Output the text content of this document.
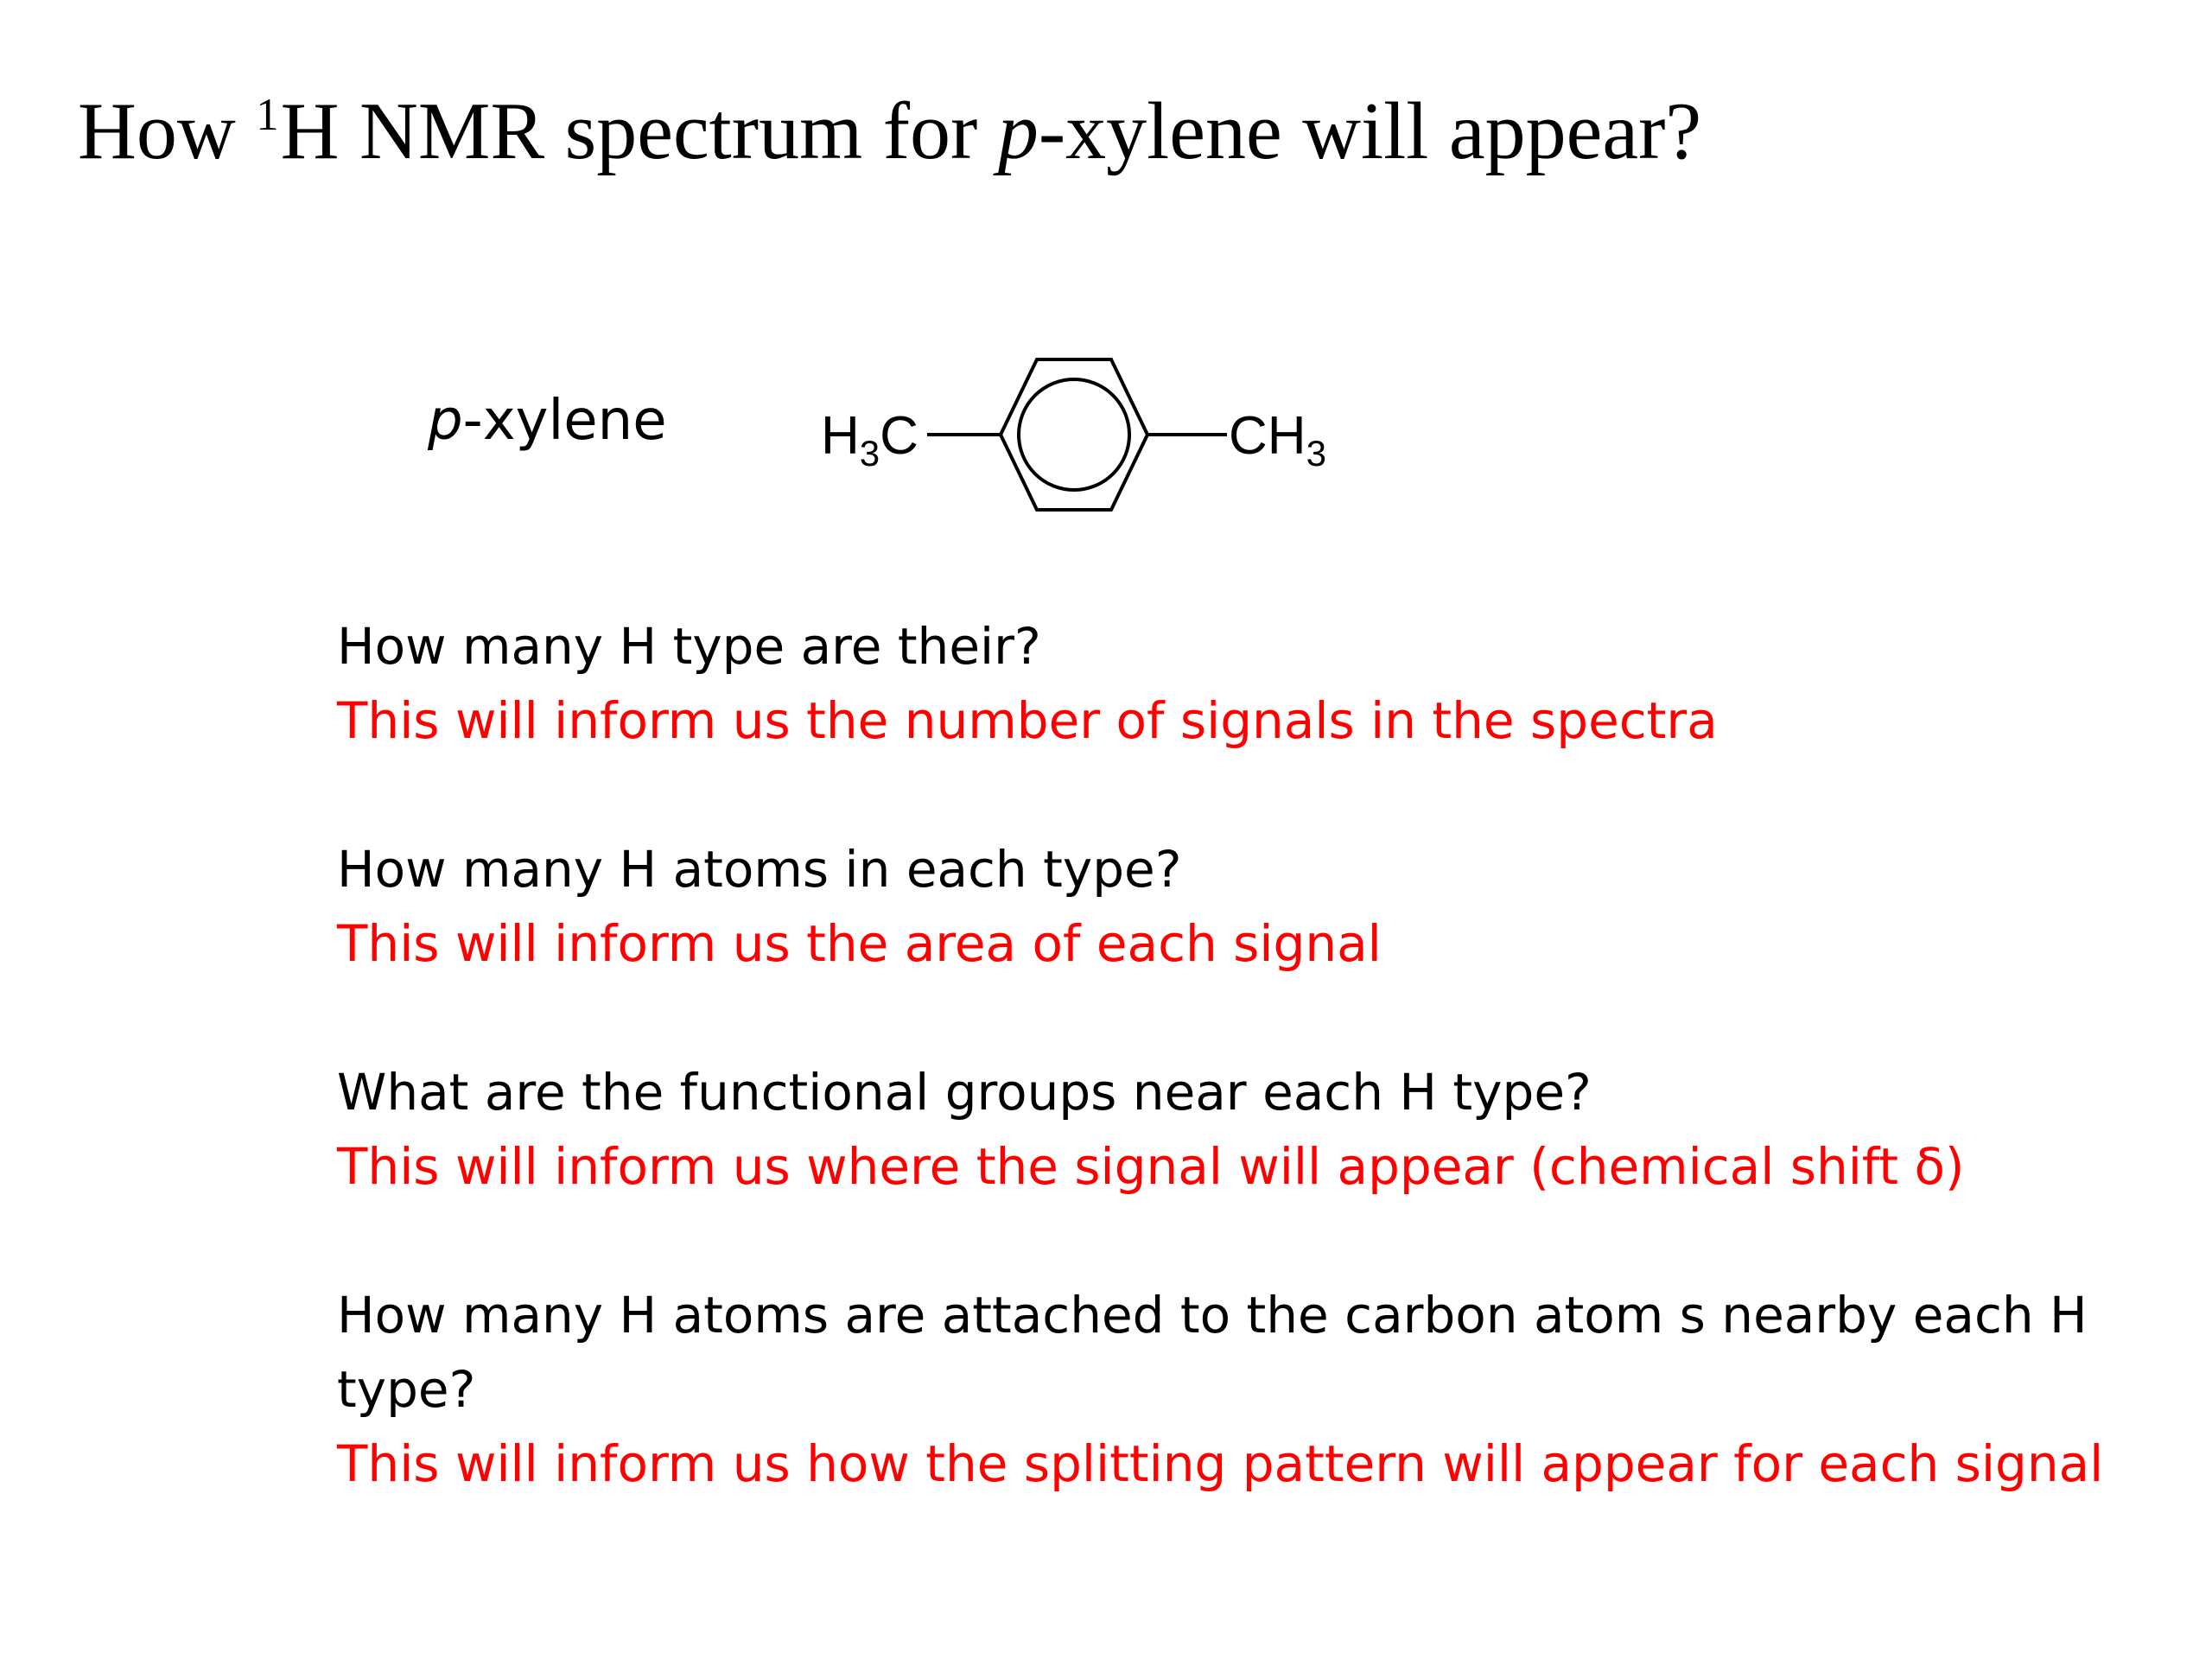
How $^1$H NMR spectrum for p-xylene will appear?
p-xylene	$H_3C$	$CH_3$

How many H type are their?

This will inform us the number of signals in the spectra

How many H atoms in each type?

This will inform us the area of each signal

What are the functional groups near each H type?

This will inform us where the signal will appear (chemical shift δ)

How many H atoms are attached to the carbon atom s nearby each H type?

This will inform us how the splitting pattern will appear for each signal
